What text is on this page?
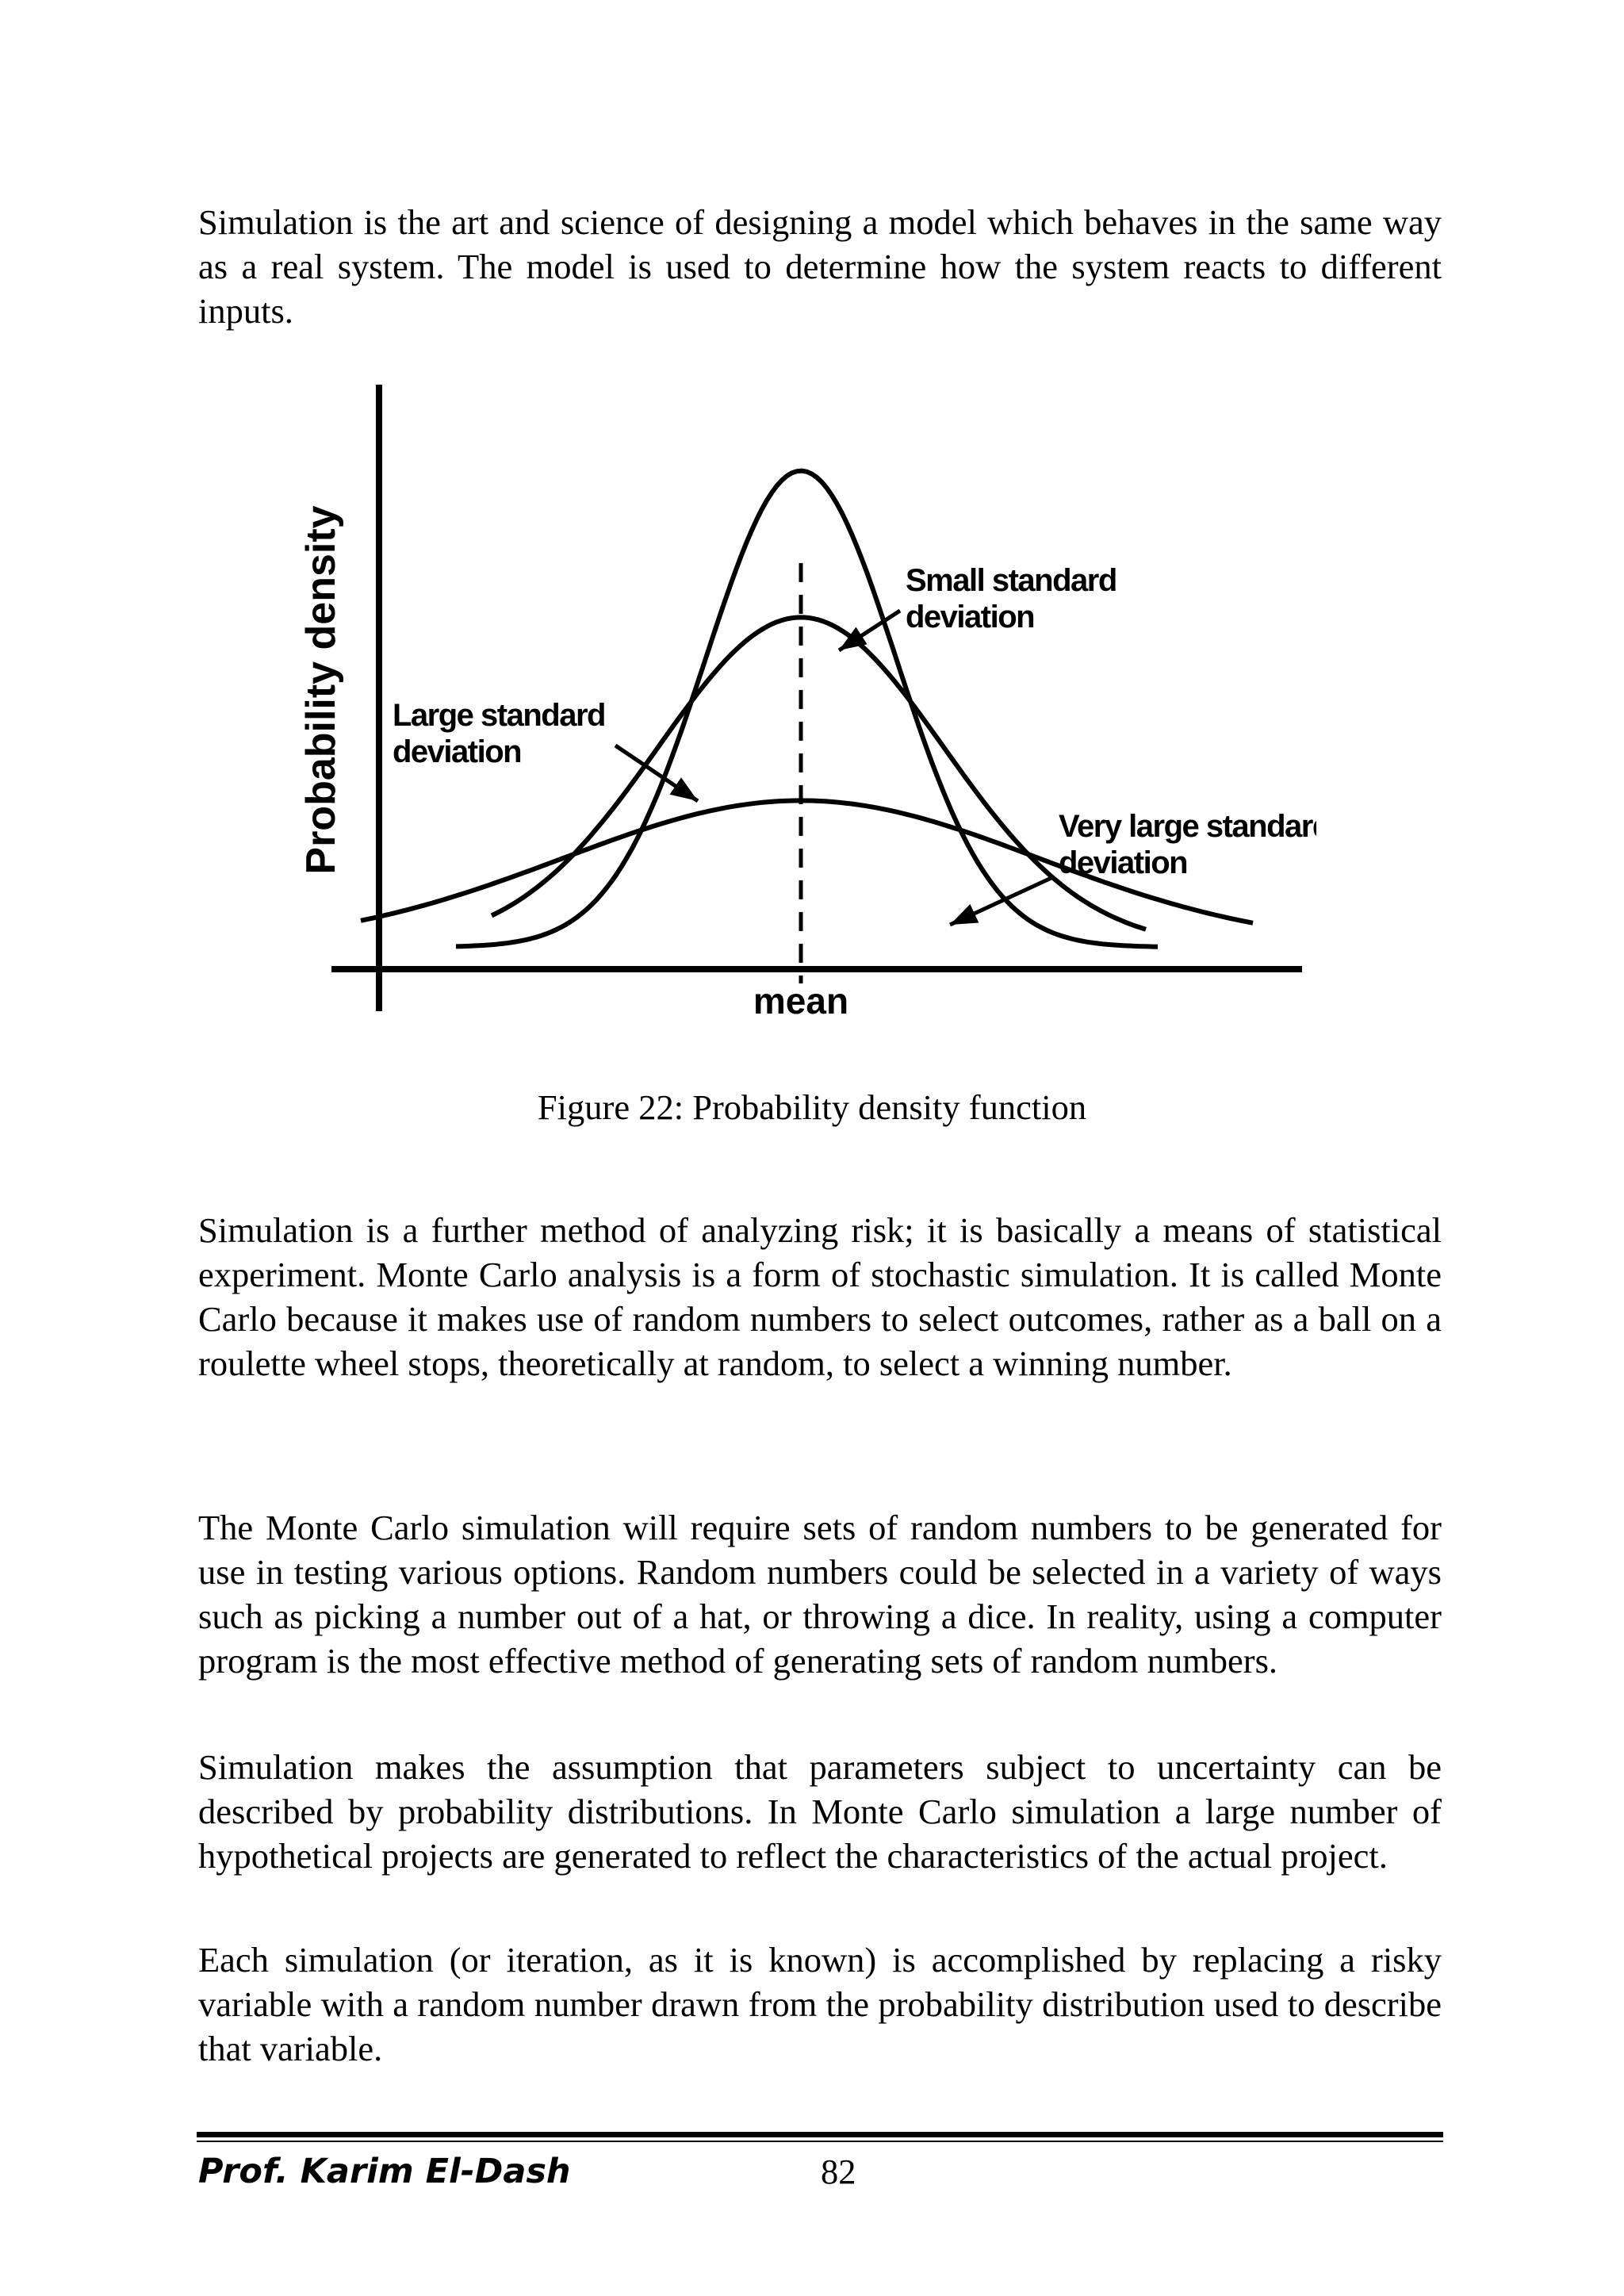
Simulation is the art and science of designing a model which behaves in the same way as a real system. The model is used to determine how the system reacts to different inputs.

Probability density
mean
Small standard deviation
Large standard deviation
Very large standard deviation
Figure 22: Probability density function

Simulation is a further method of analyzing risk; it is basically a means of statistical experiment. Monte Carlo analysis is a form of stochastic simulation. It is called Monte Carlo because it makes use of random numbers to select outcomes, rather as a ball on a roulette wheel stops, theoretically at random, to select a winning number.

The Monte Carlo simulation will require sets of random numbers to be generated for use in testing various options. Random numbers could be selected in a variety of ways such as picking a number out of a hat, or throwing a dice. In reality, using a computer program is the most effective method of generating sets of random numbers.

Simulation makes the assumption that parameters subject to uncertainty can be described by probability distributions. In Monte Carlo simulation a large number of hypothetical projects are generated to reflect the characteristics of the actual project.

Each simulation (or iteration, as it is known) is accomplished by replacing a risky variable with a random number drawn from the probability distribution used to describe that variable.

Prof. Karim El-Dash	82
